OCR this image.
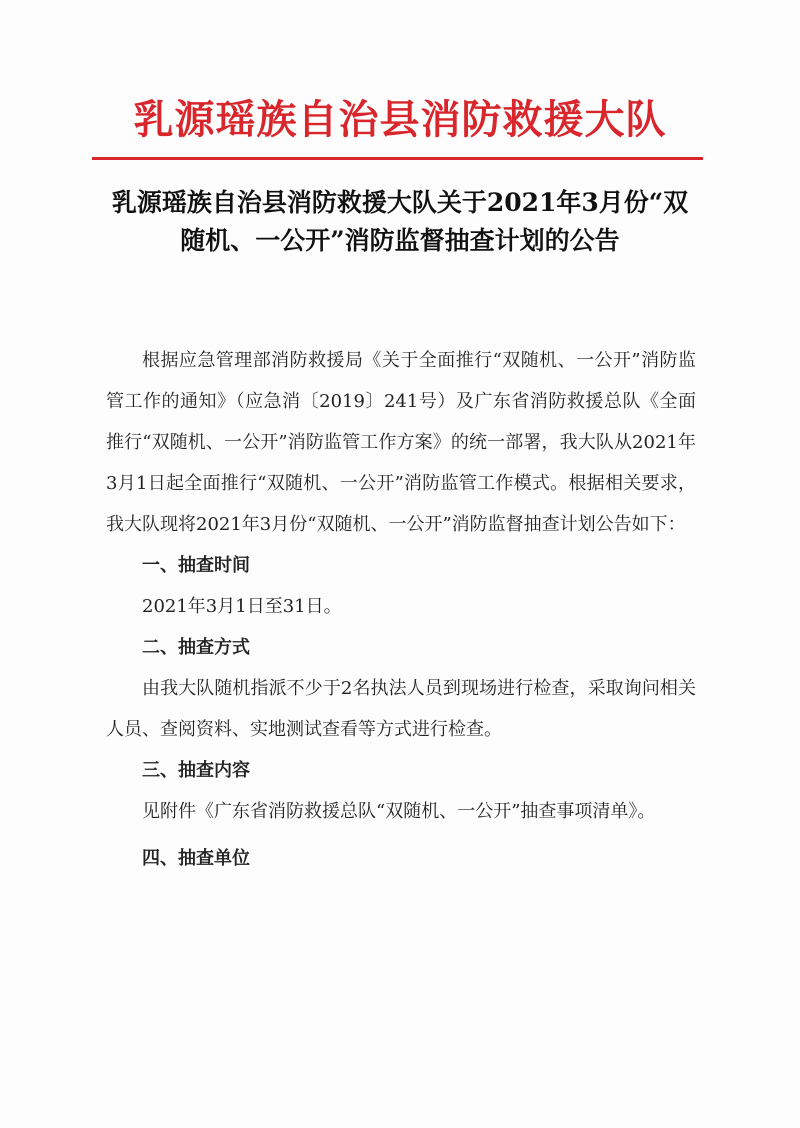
乳源瑶族自治县消防救援大队
乳源瑶族自治县消防救援大队关于2021年3月份“双随机、一公开”消防监督抽查计划的公告

根据应急管理部消防救援局《关于全面推行“双随机、一公开”消防监管工作的通知》（应急消〔2019〕241号）及广东省消防救援总队《全面推行“双随机、一公开”消防监管工作方案》的统一部署，我大队从2021年3月1日起全面推行“双随机、一公开”消防监管工作模式。根据相关要求，我大队现将2021年3月份“双随机、一公开”消防监督抽查计划公告如下：

一、抽查时间

2021年3月1日至31日。

二、抽查方式

由我大队随机指派不少于2名执法人员到现场进行检查，采取询问相关人员、查阅资料、实地测试查看等方式进行检查。

三、抽查内容

见附件《广东省消防救援总队“双随机、一公开”抽查事项清单》。

四、抽查单位
